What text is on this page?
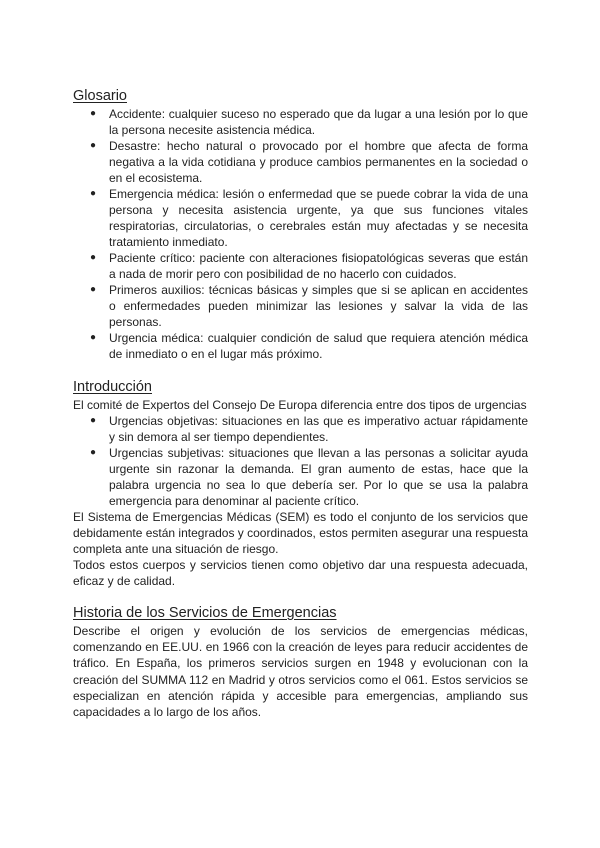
Glosario
● Accidente: cualquier suceso no esperado que da lugar a una lesión por lo que la persona necesite asistencia médica.
● Desastre: hecho natural o provocado por el hombre que afecta de forma negativa a la vida cotidiana y produce cambios permanentes en la sociedad o en el ecosistema.
● Emergencia médica: lesión o enfermedad que se puede cobrar la vida de una persona y necesita asistencia urgente, ya que sus funciones vitales respiratorias, circulatorias, o cerebrales están muy afectadas y se necesita tratamiento inmediato.
● Paciente crítico: paciente con alteraciones fisiopatológicas severas que están a nada de morir pero con posibilidad de no hacerlo con cuidados.
● Primeros auxilios: técnicas básicas y simples que si se aplican en accidentes o enfermedades pueden minimizar las lesiones y salvar la vida de las personas.
● Urgencia médica: cualquier condición de salud que requiera atención médica de inmediato o en el lugar más próximo.
Introducción

El comité de Expertos del Consejo De Europa diferencia entre dos tipos de urgencias

● Urgencias objetivas: situaciones en las que es imperativo actuar rápidamente y sin demora al ser tiempo dependientes.
● Urgencias subjetivas: situaciones que llevan a las personas a solicitar ayuda urgente sin razonar la demanda. El gran aumento de estas, hace que la palabra urgencia no sea lo que debería ser. Por lo que se usa la palabra emergencia para denominar al paciente crítico.

El Sistema de Emergencias Médicas (SEM) es todo el conjunto de los servicios que debidamente están integrados y coordinados, estos permiten asegurar una respuesta completa ante una situación de riesgo.

Todos estos cuerpos y servicios tienen como objetivo dar una respuesta adecuada, eficaz y de calidad.

Historia de los Servicios de Emergencias

Describe el origen y evolución de los servicios de emergencias médicas, comenzando en EE.UU. en 1966 con la creación de leyes para reducir accidentes de tráfico. En España, los primeros servicios surgen en 1948 y evolucionan con la creación del SUMMA 112 en Madrid y otros servicios como el 061. Estos servicios se especializan en atención rápida y accesible para emergencias, ampliando sus capacidades a lo largo de los años.
